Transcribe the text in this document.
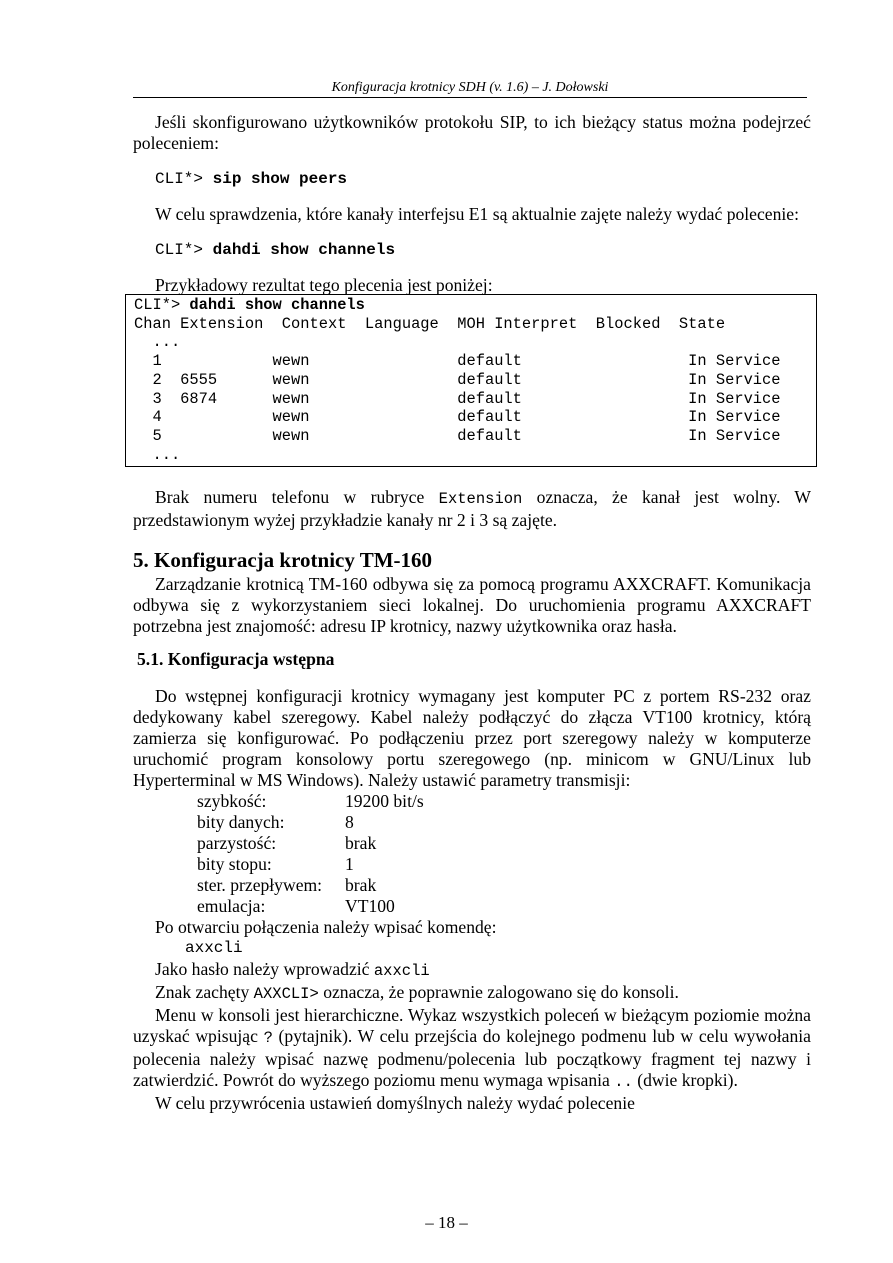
Konfiguracja krotnicy SDH (v. 1.6) – J. Dołowski

Jeśli skonfigurowano użytkowników protokołu SIP, to ich bieżący status można podejrzeć poleceniem:

CLI*> sip show peers

W celu sprawdzenia, które kanały interfejsu E1 są aktualnie zajęte należy wydać polecenie:

CLI*> dahdi show channels
Przykładowy rezultat tego plecenia jest poniżej:
CLI*> dahdi show channels
Chan Extension  Context  Language  MOH Interpret  Blocked  State
...
1            wewn                default                  In Service
2  6555      wewn                default                  In Service
3  6874      wewn                default                  In Service
4            wewn                default                  In Service
5            wewn                default                  In Service
...

Brak numeru telefonu w rubryce Extension oznacza, że kanał jest wolny. W przedstawionym wyżej przykładzie kanały nr 2 i 3 są zajęte.

5. Konfiguracja krotnicy TM-160

Zarządzanie krotnicą TM-160 odbywa się za pomocą programu AXXCRAFT. Komunikacja odbywa się z wykorzystaniem sieci lokalnej. Do uruchomienia programu AXXCRAFT potrzebna jest znajomość: adresu IP krotnicy, nazwy użytkownika oraz hasła.

5.1. Konfiguracja wstępna

Do wstępnej konfiguracji krotnicy wymagany jest komputer PC z portem RS-232 oraz dedykowany kabel szeregowy. Kabel należy podłączyć do złącza VT100 krotnicy, którą zamierza się konfigurować. Po podłączeniu przez port szeregowy należy w komputerze uruchomić program konsolowy portu szeregowego (np. minicom w GNU/Linux lub Hyperterminal w MS Windows). Należy ustawić parametry transmisji:

szybkość:	19200 bit/s
bity danych:	8
parzystość:	brak
bity stopu:	1
ster. przepływem:	brak
emulacja:	VT100
Po otwarciu połączenia należy wpisać komendę:
axxcli
Jako hasło należy wprowadzić axxcli
Znak zachęty AXXCLI> oznacza, że poprawnie zalogowano się do konsoli.

Menu w konsoli jest hierarchiczne. Wykaz wszystkich poleceń w bieżącym poziomie można uzyskać wpisując ? (pytajnik). W celu przejścia do kolejnego podmenu lub w celu wywołania polecenia należy wpisać nazwę podmenu/polecenia lub początkowy fragment tej nazwy i zatwierdzić. Powrót do wyższego poziomu menu wymaga wpisania .. (dwie kropki).

W celu przywrócenia ustawień domyślnych należy wydać polecenie
– 18 –
